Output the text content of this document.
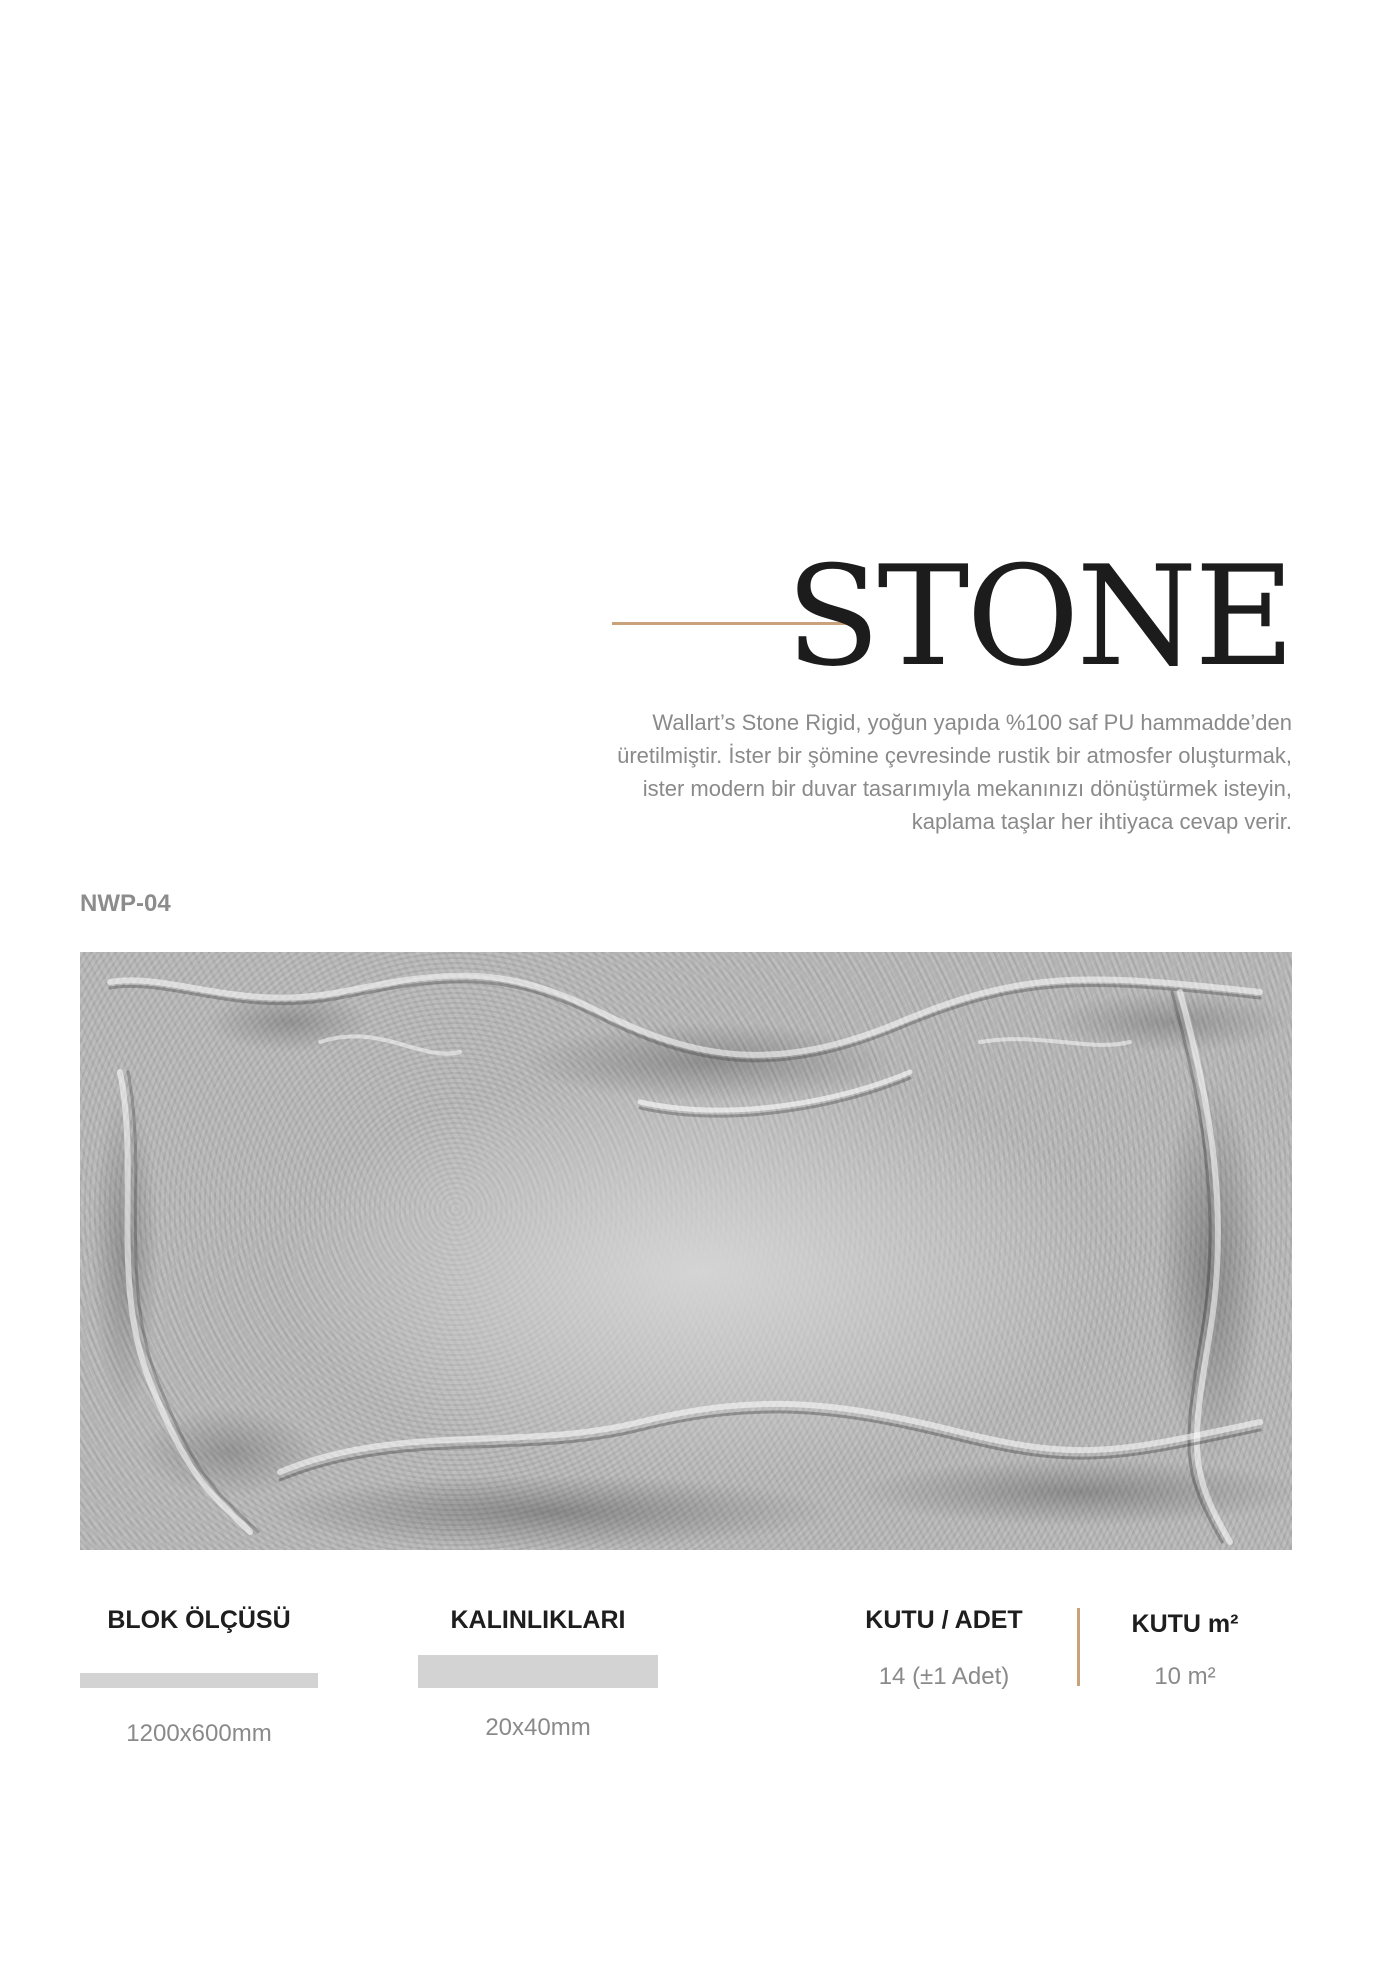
STONE
Wallart’s Stone Rigid, yoğun yapıda %100 saf PU hammadde’den
üretilmiştir. İster bir şömine çevresinde rustik bir atmosfer oluşturmak,
ister modern bir duvar tasarımıyla mekanınızı dönüştürmek isteyin,
kaplama taşlar her ihtiyaca cevap verir.
NWP-04
BLOK ÖLÇÜSÜ
1200x600mm
KALINLIKLARI
20x40mm
KUTU / ADET
14 (±1 Adet)
KUTU m²
10 m²
